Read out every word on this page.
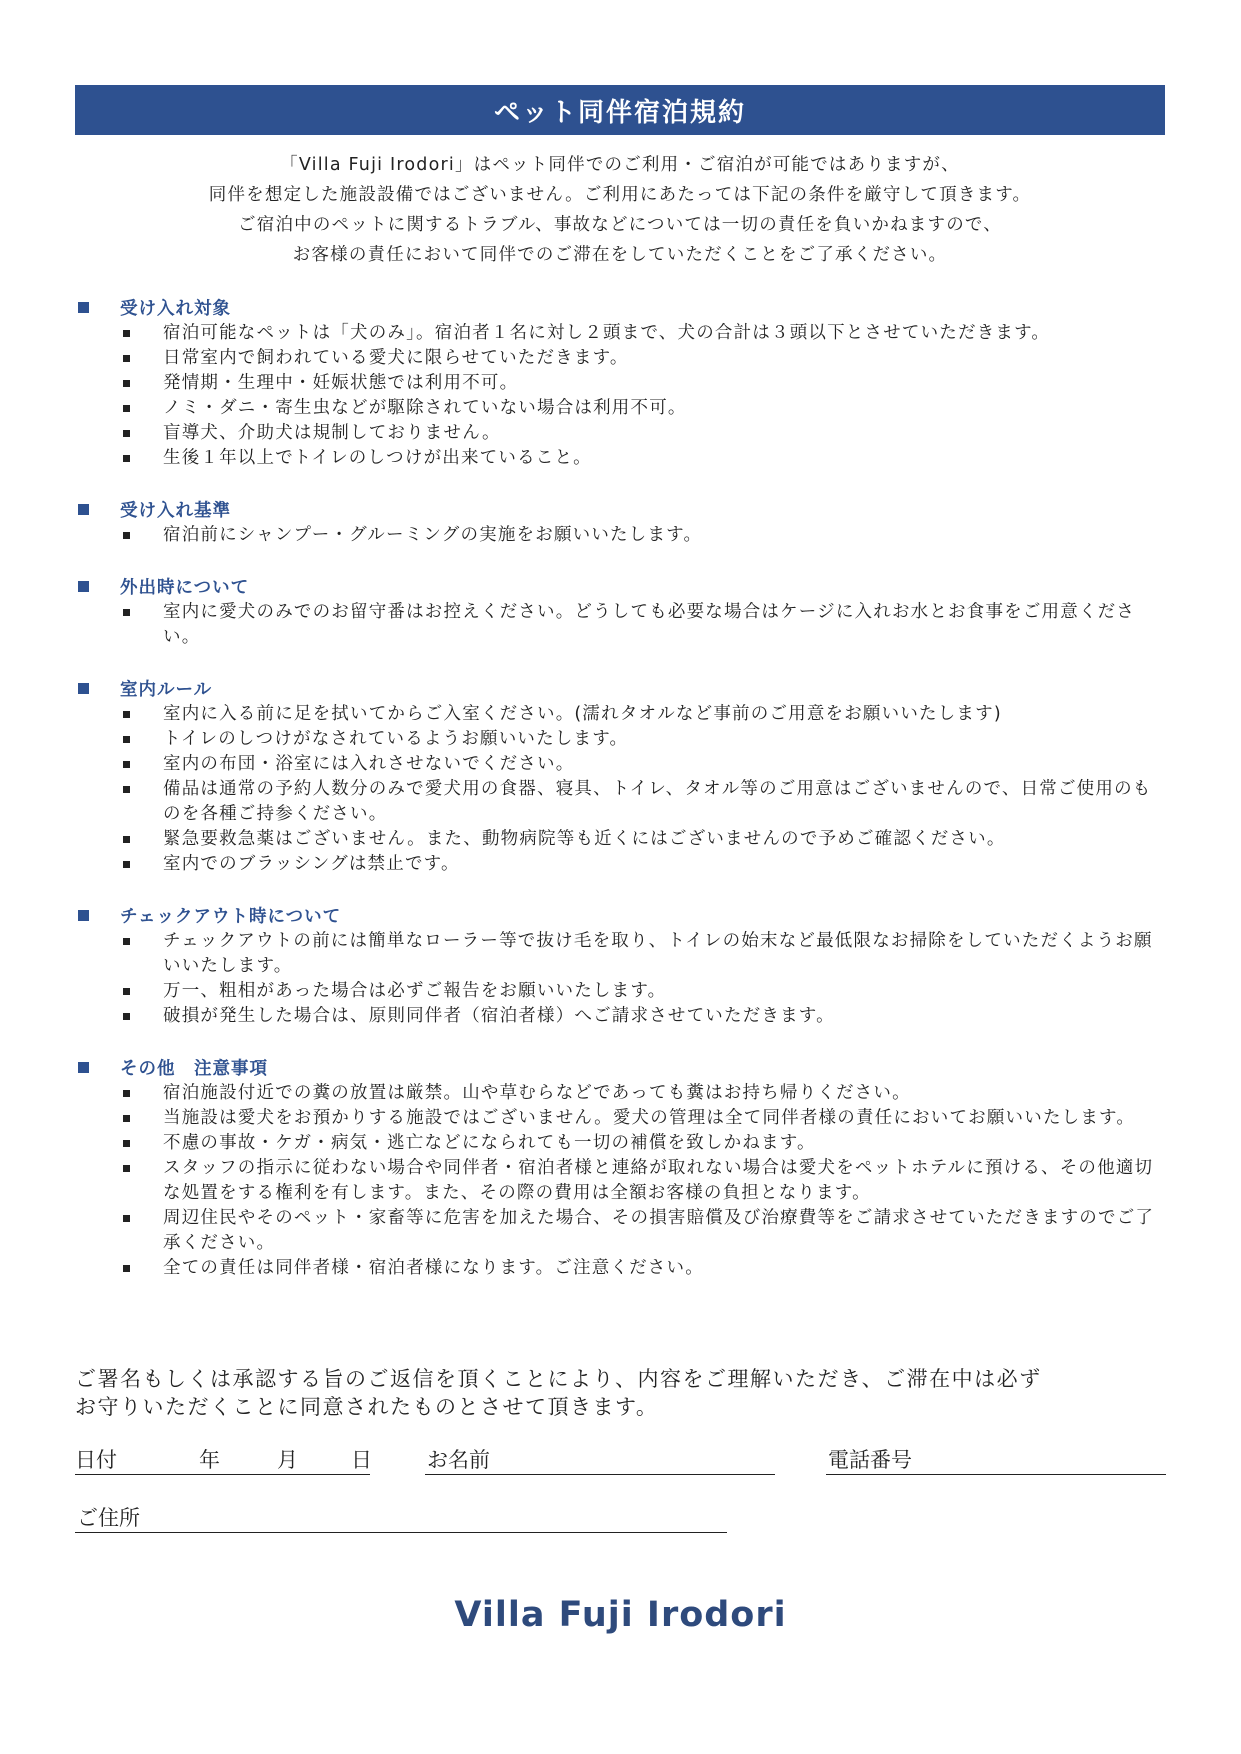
ペット同伴宿泊規約

「Villa Fuji Irodori」はペット同伴でのご利用・ご宿泊が可能ではありますが、

同伴を想定した施設設備ではございません。ご利用にあたっては下記の条件を厳守して頂きます。

ご宿泊中のペットに関するトラブル、事故などについては一切の責任を負いかねますので、

お客様の責任において同伴でのご滞在をしていただくことをご了承ください。

受け入れ対象
宿泊可能なペットは「犬のみ」。宿泊者１名に対し２頭まで、犬の合計は３頭以下とさせていただきます。
日常室内で飼われている愛犬に限らせていただきます。
発情期・生理中・妊娠状態では利用不可。
ノミ・ダニ・寄生虫などが駆除されていない場合は利用不可。
盲導犬、介助犬は規制しておりません。
生後１年以上でトイレのしつけが出来ていること。
受け入れ基準
宿泊前にシャンプー・グルーミングの実施をお願いいたします。
外出時について
室内に愛犬のみでのお留守番はお控えください。どうしても必要な場合はケージに入れお水とお食事をご用意ください。
室内ルール
室内に入る前に足を拭いてからご入室ください。(濡れタオルなど事前のご用意をお願いいたします)
トイレのしつけがなされているようお願いいたします。
室内の布団・浴室には入れさせないでください。
備品は通常の予約人数分のみで愛犬用の食器、寝具、トイレ、タオル等のご用意はございませんので、日常ご使用のものを各種ご持参ください。
緊急要救急薬はございません。また、動物病院等も近くにはございませんので予めご確認ください。
室内でのブラッシングは禁止です。
チェックアウト時について
チェックアウトの前には簡単なローラー等で抜け毛を取り、トイレの始末など最低限なお掃除をしていただくようお願いいたします。
万一、粗相があった場合は必ずご報告をお願いいたします。
破損が発生した場合は、原則同伴者（宿泊者様）へご請求させていただきます。
その他　注意事項
宿泊施設付近での糞の放置は厳禁。山や草むらなどであっても糞はお持ち帰りください。
当施設は愛犬をお預かりする施設ではございません。愛犬の管理は全て同伴者様の責任においてお願いいたします。
不慮の事故・ケガ・病気・逃亡などになられても一切の補償を致しかねます。
スタッフの指示に従わない場合や同伴者・宿泊者様と連絡が取れない場合は愛犬をペットホテルに預ける、その他適切な処置をする権利を有します。また、その際の費用は全額お客様の負担となります。
周辺住民やそのペット・家畜等に危害を加えた場合、その損害賠償及び治療費等をご請求させていただきますのでご了承ください。
全ての責任は同伴者様・宿泊者様になります。ご注意ください。

ご署名もしくは承認する旨のご返信を頂くことにより、内容をご理解いただき、ご滞在中は必ず

お守りいただくことに同意されたものとさせて頂きます。

日付	年	月	日	お名前	電話番号
ご住所
Villa Fuji Irodori
